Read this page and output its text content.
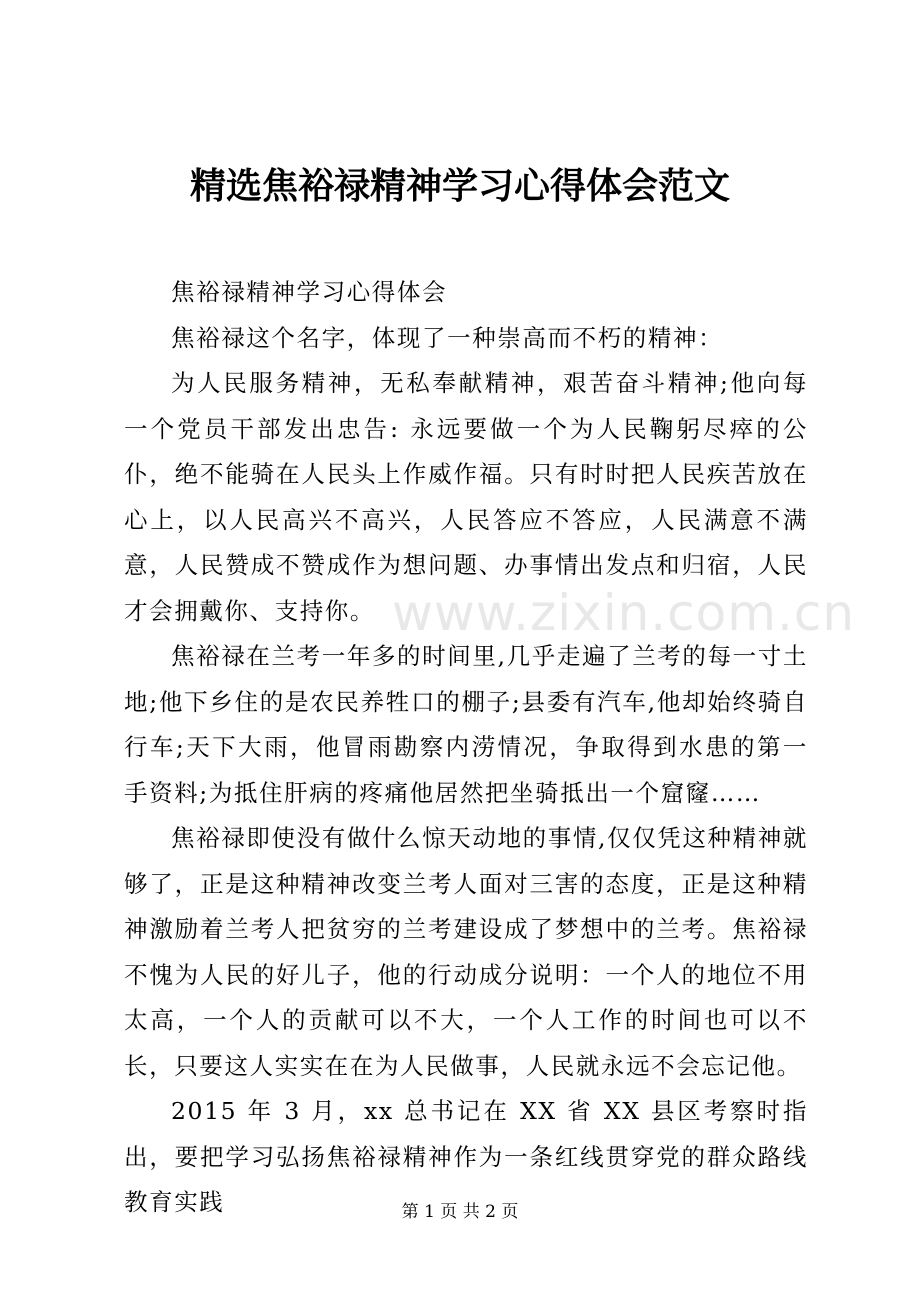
www.zixin.com.cn
精选焦裕禄精神学习心得体会范文

焦裕禄精神学习心得体会

焦裕禄这个名字，体现了一种崇高而不朽的精神：

为人民服务精神，无私奉献精神，艰苦奋斗精神;他向每一个党员干部发出忠告: 永远要做一个为人民鞠躬尽瘁的公仆，绝不能骑在人民头上作威作福。只有时时把人民疾苦放在心上，以人民高兴不高兴，人民答应不答应，人民满意不满意，人民赞成不赞成作为想问题、办事情出发点和归宿，人民才会拥戴你、支持你。

焦裕禄在兰考一年多的时间里,几乎走遍了兰考的每一寸土地;他下乡住的是农民养牲口的棚子;县委有汽车,他却始终骑自行车;天下大雨，他冒雨勘察内涝情况，争取得到水患的第一手资料;为抵住肝病的疼痛他居然把坐骑抵出一个窟窿……

焦裕禄即使没有做什么惊天动地的事情,仅仅凭这种精神就够了，正是这种精神改变兰考人面对三害的态度，正是这种精神激励着兰考人把贫穷的兰考建设成了梦想中的兰考。焦裕禄不愧为人民的好儿子，他的行动成分说明：一个人的地位不用太高，一个人的贡献可以不大，一个人工作的时间也可以不长，只要这人实实在在为人民做事，人民就永远不会忘记他。

2015 年 3 月，xx 总书记在 XX 省 XX 县区考察时指出，要把学习弘扬焦裕禄精神作为一条红线贯穿党的群众路线教育实践	第 1 页 共 2 页
